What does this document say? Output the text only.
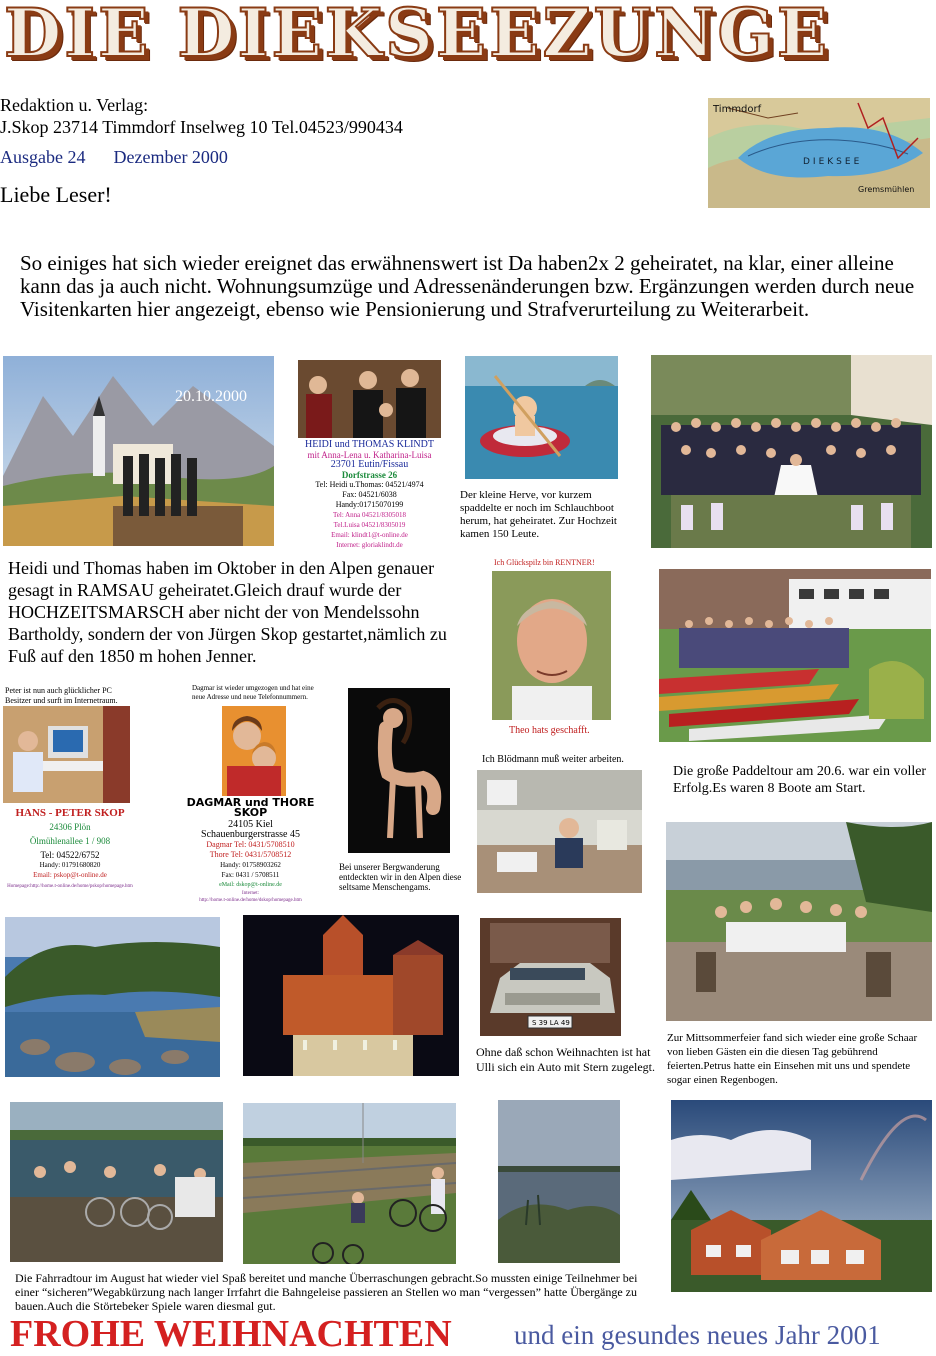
DIE DIEKSEEZUNGE
Redaktion u. Verlag:
J.Skop 23714 Timmdorf Inselweg 10 Tel.04523/990434
Ausgabe 24 Dezember 2000
Liebe Leser!
Timmdorf
DIEKSEE
Gremsmühlen
So einiges hat sich wieder ereignet das erwähnenswert ist Da haben2x 2 geheiratet, na klar, einer alleine kann das ja auch nicht. Wohnungsumzüge und Adressenänderungen bzw. Ergänzungen werden durch neue Visitenkarten hier angezeigt, ebenso wie Pensionierung und Strafverurteilung zu Weiterarbeit.
20.10.2000
HEIDI und THOMAS KLINDT
mit Anna-Lena u. Katharina-Luisa
23701 Eutin/Fissau
Dorfstrasse 26
Tel: Heidi u.Thomas: 04521/4974
Fax: 04521/6038
Handy:01715070199
Tel: Anna 04521/8305018
Tel.Luisa 04521/8305019
Email: klindt1@t-online.de
Internet: gloriaklindt.de
Der kleine Herve, vor kurzem spaddelte er noch im Schlauchboot herum, hat geheiratet. Zur Hochzeit kamen 150 Leute.
Heidi und Thomas haben im Oktober in den Alpen genauer gesagt in RAMSAU geheiratet.Gleich drauf wurde der HOCHZEITSMARSCH aber nicht der von Mendelssohn Bartholdy, sondern der von Jürgen Skop gestartet,nämlich zu Fuß auf den 1850 m hohen Jenner.
Ich Glückspilz bin RENTNER!
Theo hats geschafft.
Peter ist nun auch glücklicher PC Besitzer und surft im Internetraum.
HANS - PETER SKOP
24306 Plön
Ölmühlenallee 1 / 908
Tel: 04522/6752
Handy: 01791680820
Email: pskop@t-online.de
Homepage:http://home.t-online.de/home/pskop/homepage.htm
Dagmar ist wieder umgezogen und hat eine neue Adresse und neue Telefonnummern.
DAGMAR und THORE SKOP
24105 Kiel
Schauenburgerstrasse 45
Dagmar Tel: 0431/5708510
Thore Tel: 0431/5708512
Handy: 01758903262
Fax: 0431 / 5708511
eMail: dskop@t-online.de
Internet:
http://home.t-online.de/home/dskop/homepage.htm
Bei unserer Bergwanderung entdeckten wir in den Alpen diese seltsame Menschengams.
Ich Blödmann muß weiter arbeiten.
Die große Paddeltour am 20.6. war ein voller Erfolg.Es waren 8 Boote am Start.
S 39 LA 49
Ohne daß schon Weihnachten ist hat Ulli sich ein Auto mit Stern zugelegt.
Zur Mittsommerfeier fand sich wieder eine große Schaar von lieben Gästen ein die diesen Tag gebührend feierten.Petrus hatte ein Einsehen mit uns und spendete sogar einen Regenbogen.
Die Fahrradtour im August hat wieder viel Spaß bereitet und manche Überraschungen gebracht.So mussten einige Teilnehmer bei einer “sicheren”Wegabkürzung nach langer Irrfahrt die Bahngeleise passieren an Stellen wo man “vergessen” hatte Übergänge zu bauen.Auch die Störtebeker Spiele waren diesmal gut.
FROHE WEIHNACHTEN und ein gesundes neues Jahr 2001
